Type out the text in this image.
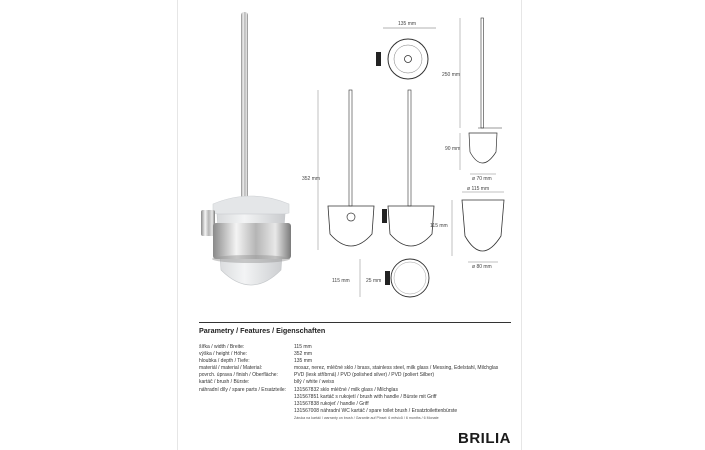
135 mm
250 mm
90 mm
ø 70 mm
352 mm
ø 115 mm
115 mm
ø 80 mm
115 mm	25 mm
Parametry / Features / Eigenschaften
šířka / width / Breite:	115 mm
výška / height / Höhe:	352 mm
hloubka / depth / Tiefe:	135 mm
materiál / material / Material:	mosaz, nerez, mléčné sklo / brass, stainless steel, milk glass / Messing, Edelstahl, Milchglas
povrch. úprava / finish / Oberfläche:	PVD (lesk stříbrná) / PVD (polished silver) / PVD (poliert Silber)
kartáč / brush / Bürste:	bílý / white / weiss
náhradní díly / spare parts / Ersatzteile:	131567832 sklo mléčné / milk glass / Milchglas
131567851 kartáč s rukojetí / brush with handle / Bürste mit Griff
131567838 rukojeť / handle / Griff
131567008 náhradní WC kartáč / spare toilet brush / Ersatztoilettenbürste
Záruka na kartáč / warranty on brush / Garantie auf Pinsel: 6 měsíců / 6 months / 6 Monate
BRILIA
